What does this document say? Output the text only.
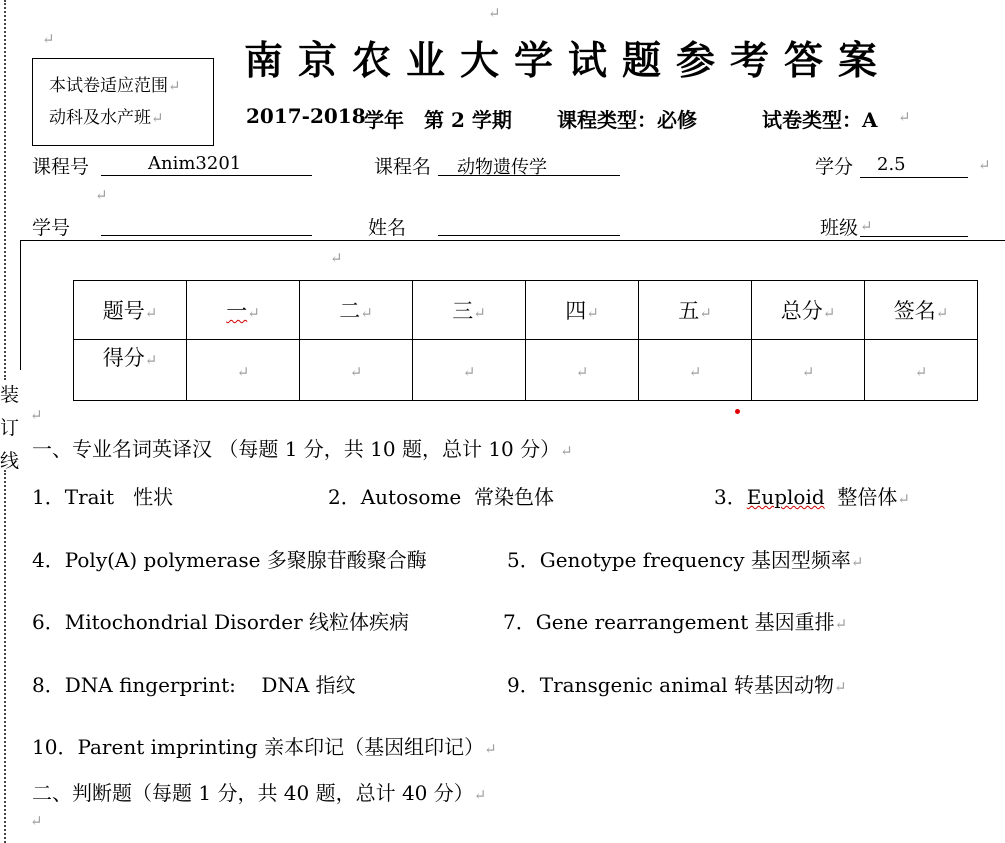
装
订
线
↵
↵
↵
↵
↵
↵
本试卷适应范围↵
动科及水产班↵
南京农业大学试题参考答案
2017-2018
学年 第 2 学期 课程类型：必修	试卷类型：A ↵
课程号	Anim3201	课程名 动物遗传学	学分 2.5	↵
学号	姓名	班级 ↵
题号↵	一↵	二↵	三↵	四↵	五↵	总分↵	签名↵
得分↵	↵	↵	↵	↵	↵	↵	↵
一、专业名词英译汉 （每题 1 分，共 10 题，总计 10 分）↵
1．Trait 性状	2．Autosome 常染色体	3．Euploid 整倍体↵
4．Poly(A) polymerase 多聚腺苷酸聚合酶	5．Genotype frequency 基因型频率↵
6．Mitochondrial Disorder 线粒体疾病	7．Gene rearrangement 基因重排↵
8．DNA fingerprint: DNA 指纹	9．Transgenic animal 转基因动物↵
10．Parent imprinting 亲本印记（基因组印记）↵
二、判断题（每题 1 分，共 40 题，总计 40 分）↵
